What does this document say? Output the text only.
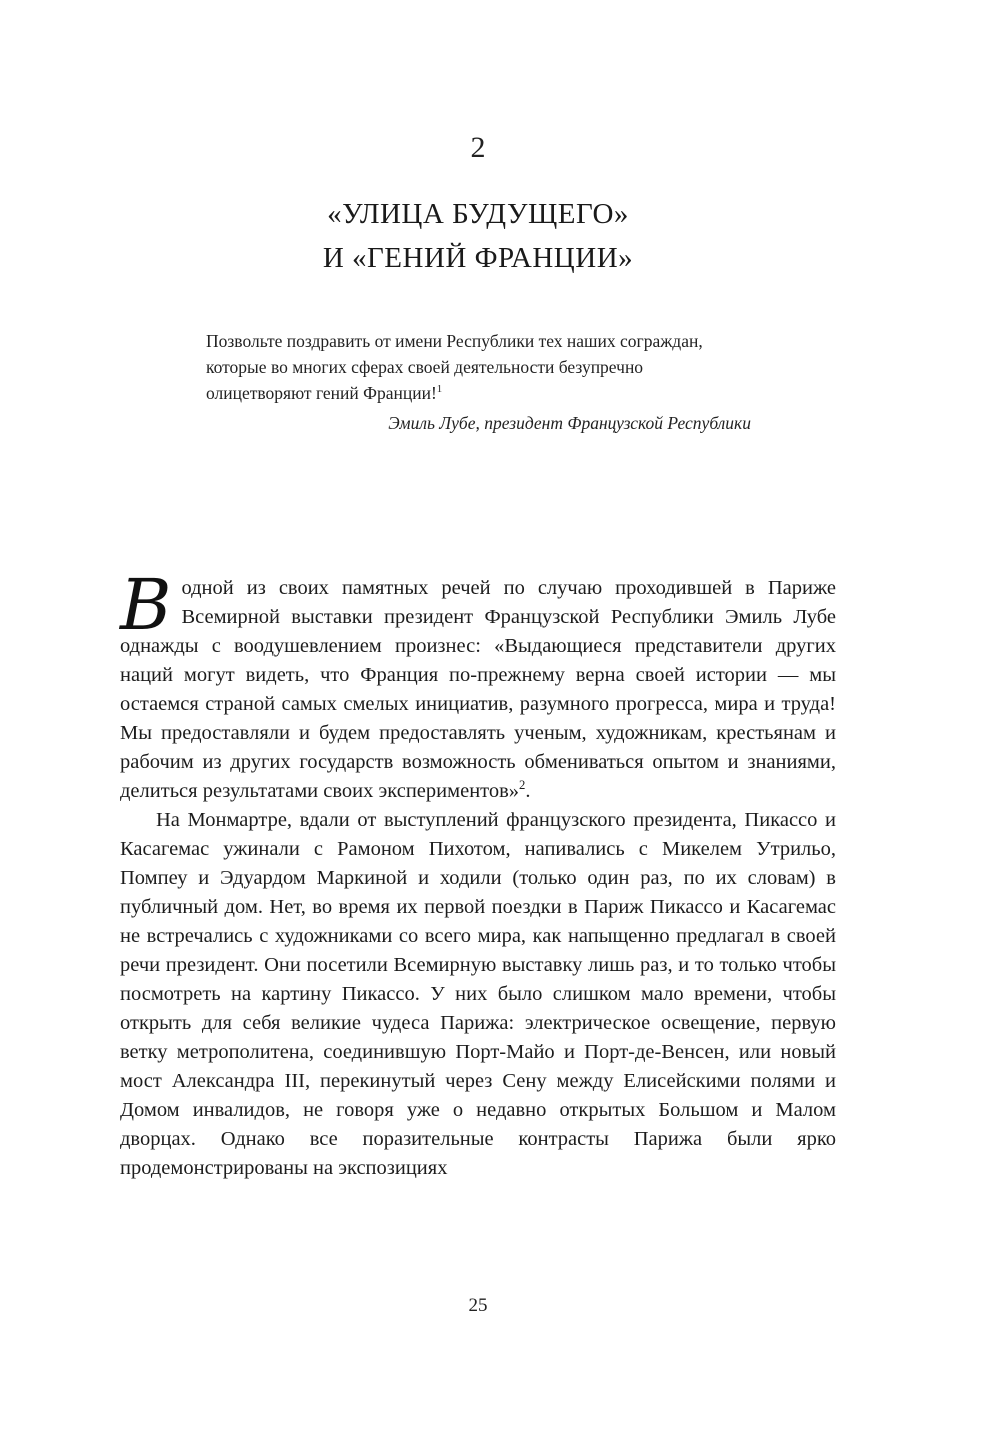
2
«УЛИЦА БУДУЩЕГО»
И «ГЕНИЙ ФРАНЦИИ»

Позвольте поздравить от имени Республики тех наших сограждан, которые во многих сферах своей деятельности безупречно олицетворяют гений Франции!$^1$

Эмиль Лубе, президент Французской Республики

Водной из своих памятных речей по случаю проходившей в Париже Всемирной выставки президент Французской Республики Эмиль Лубе однажды с воодушевлением произнес: «Выдающиеся представители других наций могут видеть, что Франция по-прежнему верна своей истории — мы остаемся страной самых смелых инициатив, разумного прогресса, мира и труда! Мы предоставляли и будем предоставлять ученым, художникам, крестьянам и рабочим из других государств возможность обмениваться опытом и знаниями, делиться результатами своих экспериментов»$^2$.

На Монмартре, вдали от выступлений французского президента, Пикассо и Касагемас ужинали с Рамоном Пихотом, напивались с Микелем Утрильо, Помпеу и Эдуардом Маркиной и ходили (только один раз, по их словам) в публичный дом. Нет, во время их первой поездки в Париж Пикассо и Касагемас не встречались с художниками со всего мира, как напыщенно предлагал в своей речи президент. Они посетили Всемирную выставку лишь раз, и то только чтобы посмотреть на картину Пикассо. У них было слишком мало времени, чтобы открыть для себя великие чудеса Парижа: электрическое освещение, первую ветку метрополитена, соединившую Порт-Майо и Порт-де-Венсен, или новый мост Александра III, перекинутый через Сену между Елисейскими полями и Домом инвалидов, не говоря уже о недавно открытых Большом и Малом дворцах. Однако все поразительные контрасты Парижа были ярко продемонстрированы на экспозициях

25
